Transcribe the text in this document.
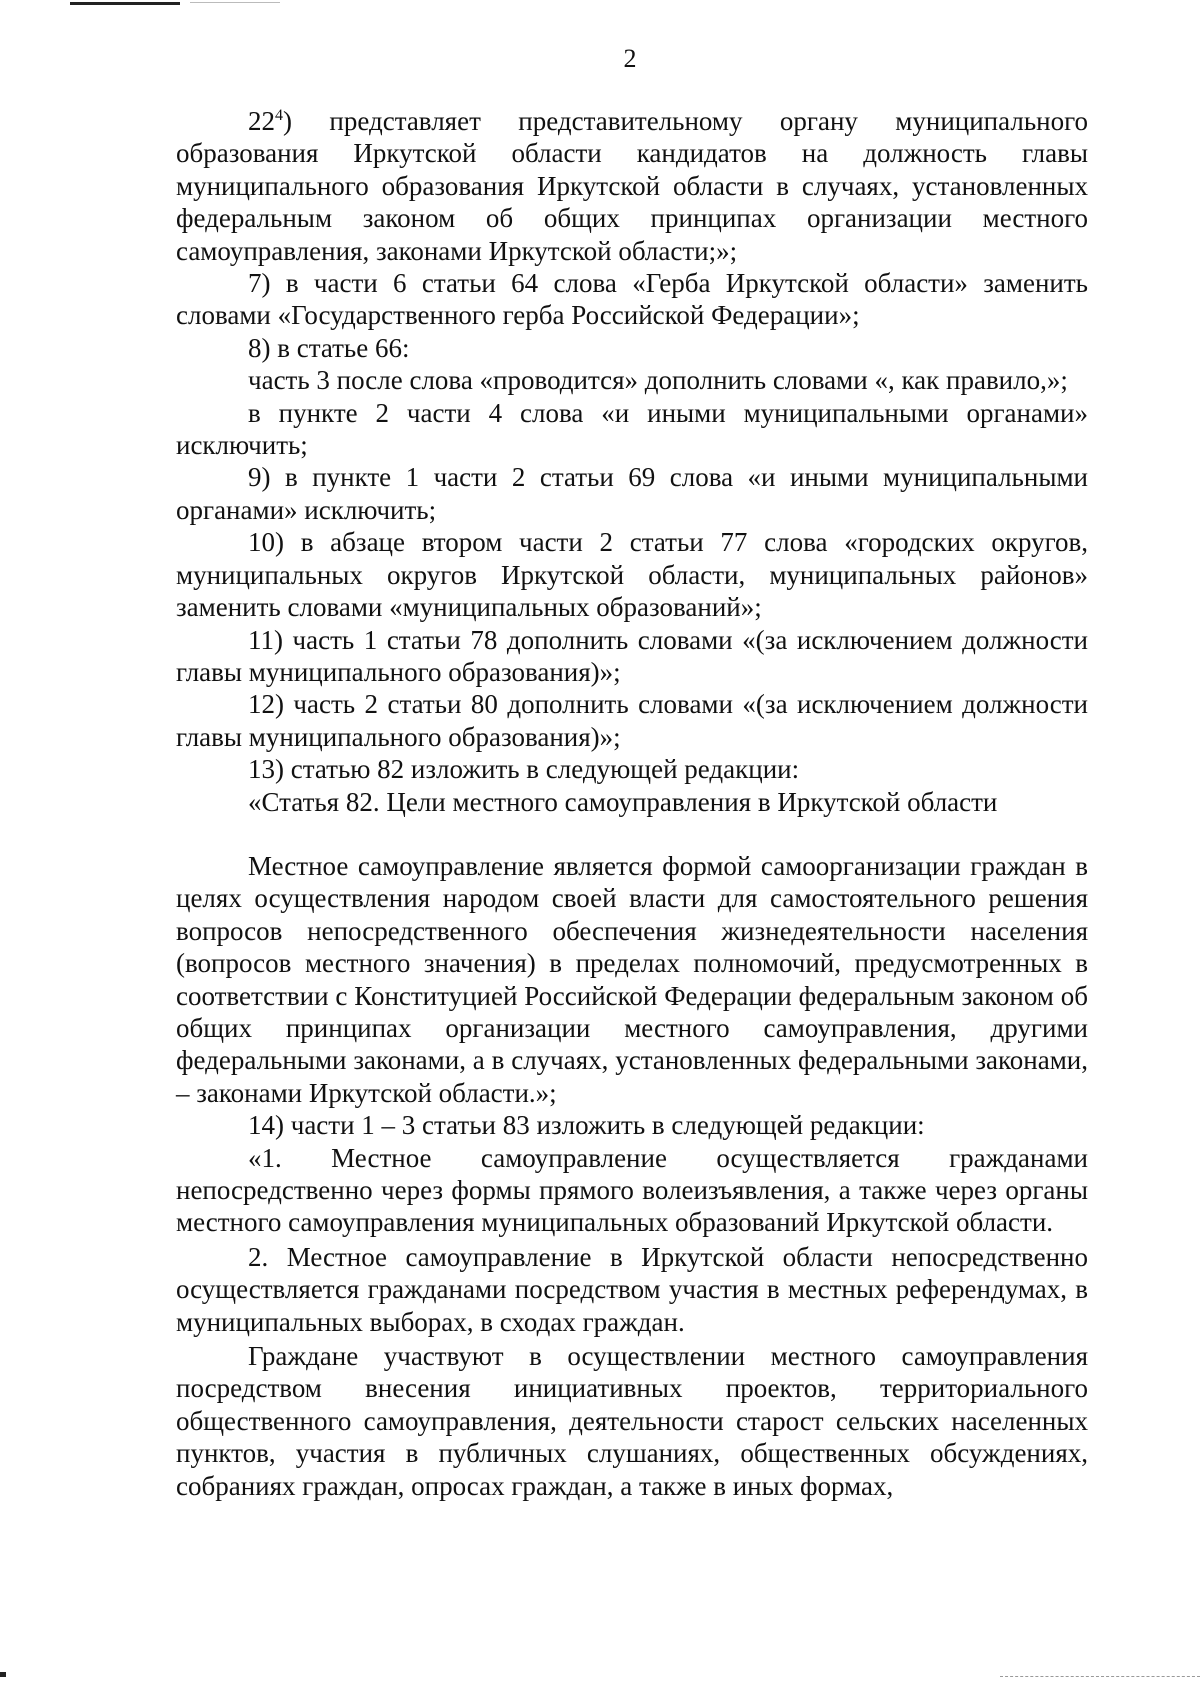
2

$22^4$) представляет представительному органу муниципального образования Иркутской области кандидатов на должность главы муниципального образования Иркутской области в случаях, установленных федеральным законом об общих принципах организации местного самоуправления, законами Иркутской области;»;

7) в части 6 статьи 64 слова «Герба Иркутской области» заменить словами «Государственного герба Российской Федерации»;

8) в статье 66:

часть 3 после слова «проводится» дополнить словами «, как правило,»;

в пункте 2 части 4 слова «и иными муниципальными органами» исключить;

9) в пункте 1 части 2 статьи 69 слова «и иными муниципальными органами» исключить;

10) в абзаце втором части 2 статьи 77 слова «городских округов, муниципальных округов Иркутской области, муниципальных районов» заменить словами «муниципальных образований»;

11) часть 1 статьи 78 дополнить словами «(за исключением должности главы муниципального образования)»;

12) часть 2 статьи 80 дополнить словами «(за исключением должности главы муниципального образования)»;

13) статью 82 изложить в следующей редакции:

«Статья 82. Цели местного самоуправления в Иркутской области

Местное самоуправление является формой самоорганизации граждан в целях осуществления народом своей власти для самостоятельного решения вопросов непосредственного обеспечения жизнедеятельности населения (вопросов местного значения) в пределах полномочий, предусмотренных в соответствии с Конституцией Российской Федерации федеральным законом об общих принципах организации местного самоуправления, другими федеральными законами, а в случаях, установленных федеральными законами, – законами Иркутской области.»;

14) части 1 – 3 статьи 83 изложить в следующей редакции:

«1. Местное самоуправление осуществляется гражданами непосредственно через формы прямого волеизъявления, а также через органы местного самоуправления муниципальных образований Иркутской области.

2. Местное самоуправление в Иркутской области непосредственно осуществляется гражданами посредством участия в местных референдумах, в муниципальных выборах, в сходах граждан.

Граждане участвуют в осуществлении местного самоуправления посредством внесения инициативных проектов, территориального общественного самоуправления, деятельности старост сельских населенных пунктов, участия в публичных слушаниях, общественных обсуждениях, собраниях граждан, опросах граждан, а также в иных формах,
